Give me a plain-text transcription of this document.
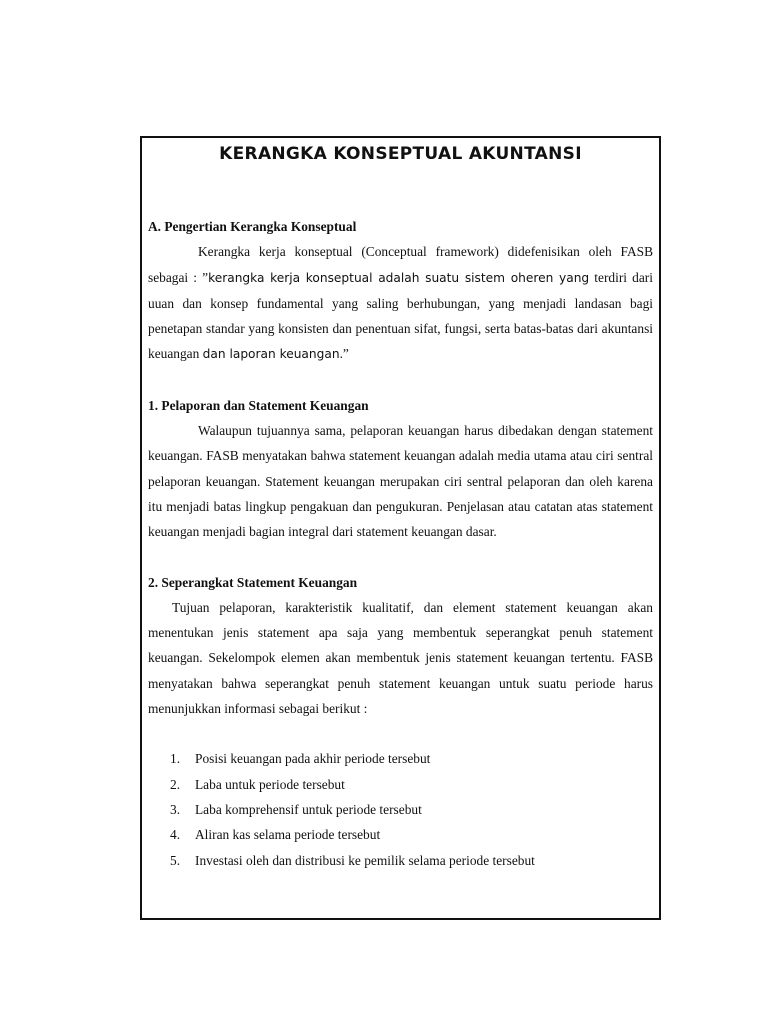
KERANGKA KONSEPTUAL AKUNTANSI

A. Pengertian Kerangka Konseptual

Kerangka kerja konseptual (Conceptual framework) didefenisikan oleh FASB sebagai : ”kerangka kerja konseptual adalah suatu sistem oheren yang terdiri dari uuan dan konsep fundamental yang saling berhubungan, yang menjadi landasan bagi penetapan standar yang konsisten dan penentuan sifat, fungsi, serta batas-batas dari akuntansi keuangan dan laporan keuangan.”

1. Pelaporan dan Statement Keuangan

Walaupun tujuannya sama, pelaporan keuangan harus dibedakan dengan statement keuangan. FASB menyatakan bahwa statement keuangan adalah media utama atau ciri sentral pelaporan keuangan. Statement keuangan merupakan ciri sentral pelaporan dan oleh karena itu menjadi batas lingkup pengakuan dan pengukuran. Penjelasan atau catatan atas statement keuangan menjadi bagian integral dari statement keuangan dasar.

2. Seperangkat Statement Keuangan

Tujuan pelaporan, karakteristik kualitatif, dan element statement keuangan akan menentukan jenis statement apa saja yang membentuk seperangkat penuh statement keuangan. Sekelompok elemen akan membentuk jenis statement keuangan tertentu. FASB menyatakan bahwa seperangkat penuh statement keuangan untuk suatu periode harus menunjukkan informasi sebagai berikut :

1. Posisi keuangan pada akhir periode tersebut
2. Laba untuk periode tersebut
3. Laba komprehensif untuk periode tersebut
4. Aliran kas selama periode tersebut
5. Investasi oleh dan distribusi ke pemilik selama periode tersebut
